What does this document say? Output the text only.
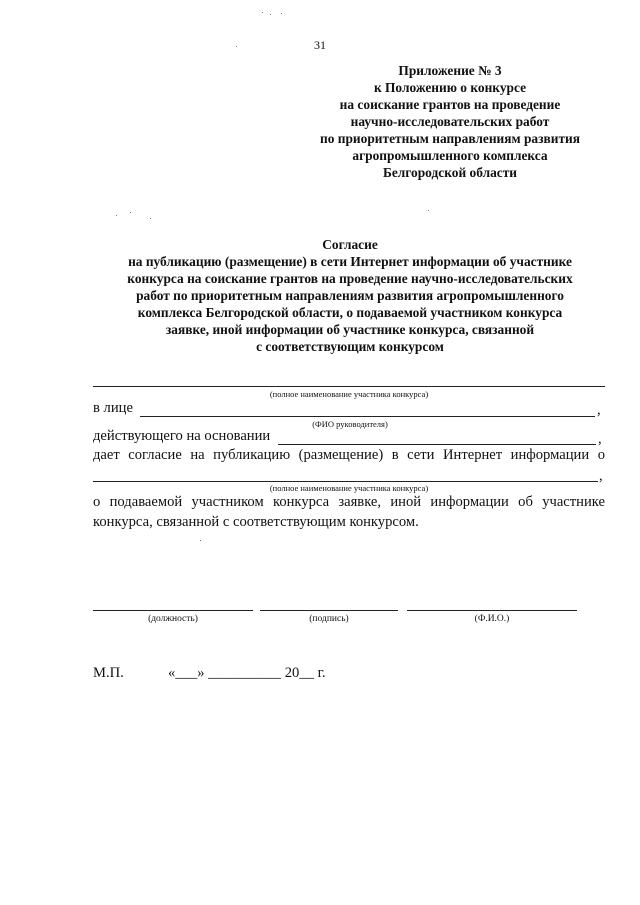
31
Приложение № 3
к Положению о конкурсе
на соискание грантов на проведение
научно-исследовательских работ
по приоритетным направлениям развития
агропромышленного комплекса
Белгородской области
Согласие
на публикацию (размещение) в сети Интернет информации об участнике
конкурса на соискание грантов на проведение научно-исследовательских
работ по приоритетным направлениям развития агропромышленного
комплекса Белгородской области, о подаваемой участником конкурса
заявке, иной информации об участнике конкурса, связанной
с соответствующим конкурсом
(полное наименование участника конкурса)
в лице	,
(ФИО руководителя)
действующего на основании	,
дает согласие на публикацию (размещение) в сети Интернет информации о
,
(полное наименование участника конкурса)
о подаваемой участником конкурса заявке, иной информации об участнике
конкурса, связанной с соответствующим конкурсом.
(должность)	(подпись)	(Ф.И.О.)
М.П.	«___» __________ 20__ г.
